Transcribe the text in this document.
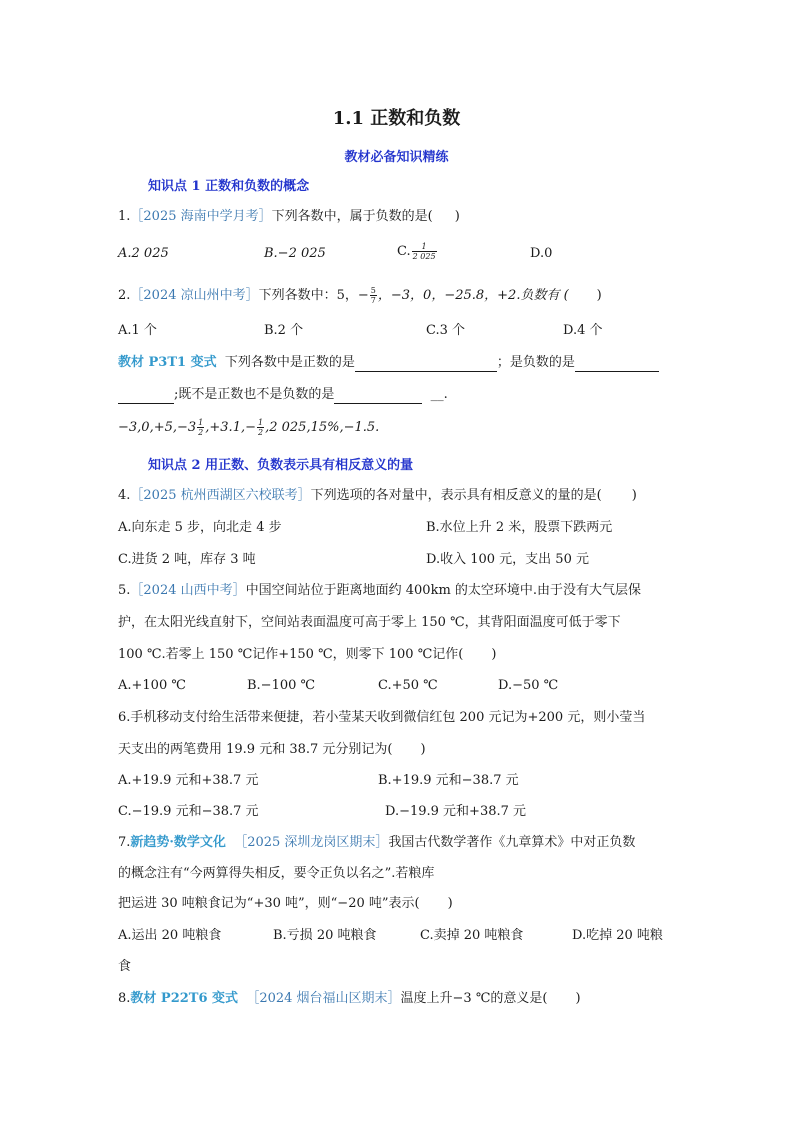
1.1 正数和负数
教材必备知识精练
知识点 1 正数和负数的概念
1.［2025 海南中学月考］下列各数中，属于负数的是( )
A.2 025	B.−2 025	C. $\frac{1}{2 025}$	D.0
2.［2024 凉山州中考］下列各数中：5，− $\frac{5}{7}$ ，−3，0，−25.8，+2.负数有 ( )
A.1 个	B.2 个	C.3 个	D.4 个
教材 P3T1 变式 下列各数中是正数的是	；是负数的是
;既不是正数也不是负数的是	__.
$-3,0,+5,-3 \frac{1}{2} ,+3.1,- \frac{1}{2} ,2$ 025,15%,−1.5.
知识点 2 用正数、负数表示具有相反意义的量
4.［2025 杭州西湖区六校联考］下列选项的各对量中，表示具有相反意义的量的是( )
A.向东走 5 步，向北走 4 步	B.水位上升 2 米，股票下跌两元
C.进货 2 吨，库存 3 吨	D.收入 100 元，支出 50 元
5.［2024 山西中考］中国空间站位于距离地面约 400km 的太空环境中.由于没有大气层保
护，在太阳光线直射下，空间站表面温度可高于零上 150 ℃，其背阳面温度可低于零下
100 ℃.若零上 150 ℃记作+150 ℃，则零下 100 ℃记作( )
A.+100 ℃	B.−100 ℃	C.+50 ℃	D.−50 ℃
6.手机移动支付给生活带来便捷，若小莹某天收到微信红包 200 元记为+200 元，则小莹当
天支出的两笔费用 19.9 元和 38.7 元分别记为( )
A.+19.9 元和+38.7 元	B.+19.9 元和−38.7 元
C.−19.9 元和−38.7 元	D.−19.9 元和+38.7 元
7.新趋势·数学文化 ［2025 深圳龙岗区期末］我国古代数学著作《九章算术》中对正负数
的概念注有“今两算得失相反，要令正负以名之”.若粮库
把运进 30 吨粮食记为“+30 吨”，则“−20 吨”表示( )
A.运出 20 吨粮食	B.亏损 20 吨粮食	C.卖掉 20 吨粮食	D.吃掉 20 吨粮
食
8.教材 P22T6 变式 ［2024 烟台福山区期末］温度上升−3 ℃的意义是( )
